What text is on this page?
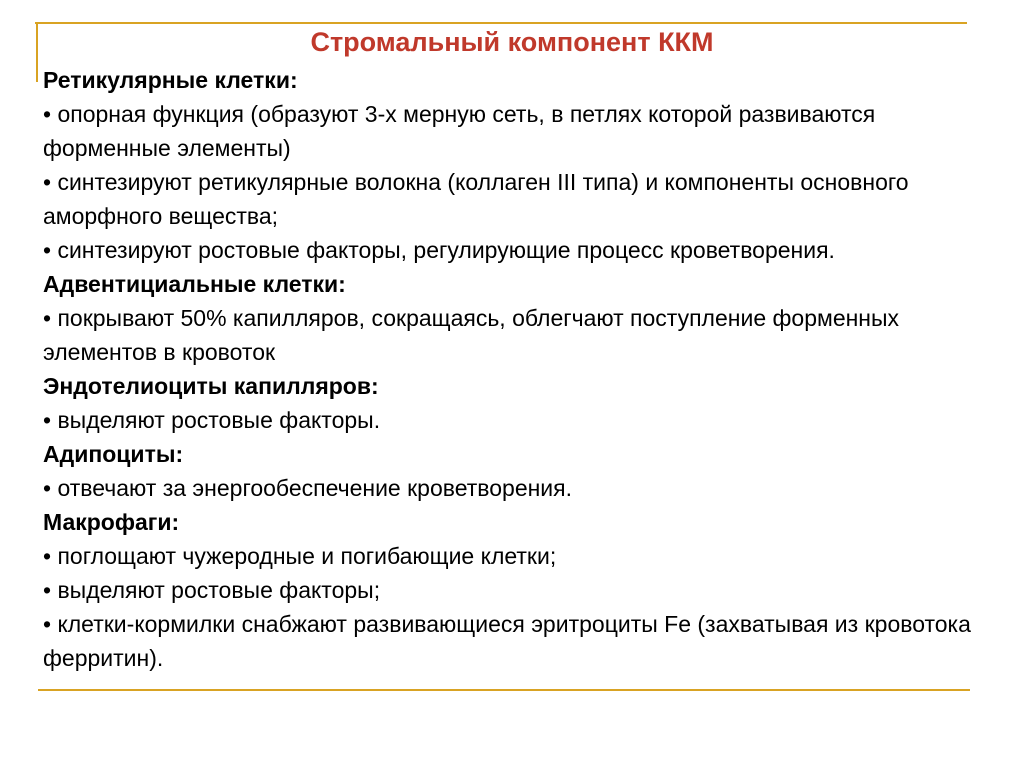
Стромальный компонент ККМ

Ретикулярные клетки:

• опорная функция (образуют 3-х мерную сеть, в петлях которой развиваются форменные элементы)

• синтезируют ретикулярные волокна (коллаген III типа) и компоненты основного аморфного вещества;

• синтезируют ростовые факторы, регулирующие процесс кроветворения.

Адвентициальные клетки:

• покрывают 50% капилляров, сокращаясь, облегчают поступление форменных элементов в кровоток

Эндотелиоциты капилляров:

• выделяют ростовые факторы.

Адипоциты:

• отвечают за энергообеспечение кроветворения.

Макрофаги:

• поглощают чужеродные и погибающие клетки;

• выделяют ростовые факторы;

• клетки-кормилки снабжают развивающиеся эритроциты Fe (захватывая из кровотока ферритин).
